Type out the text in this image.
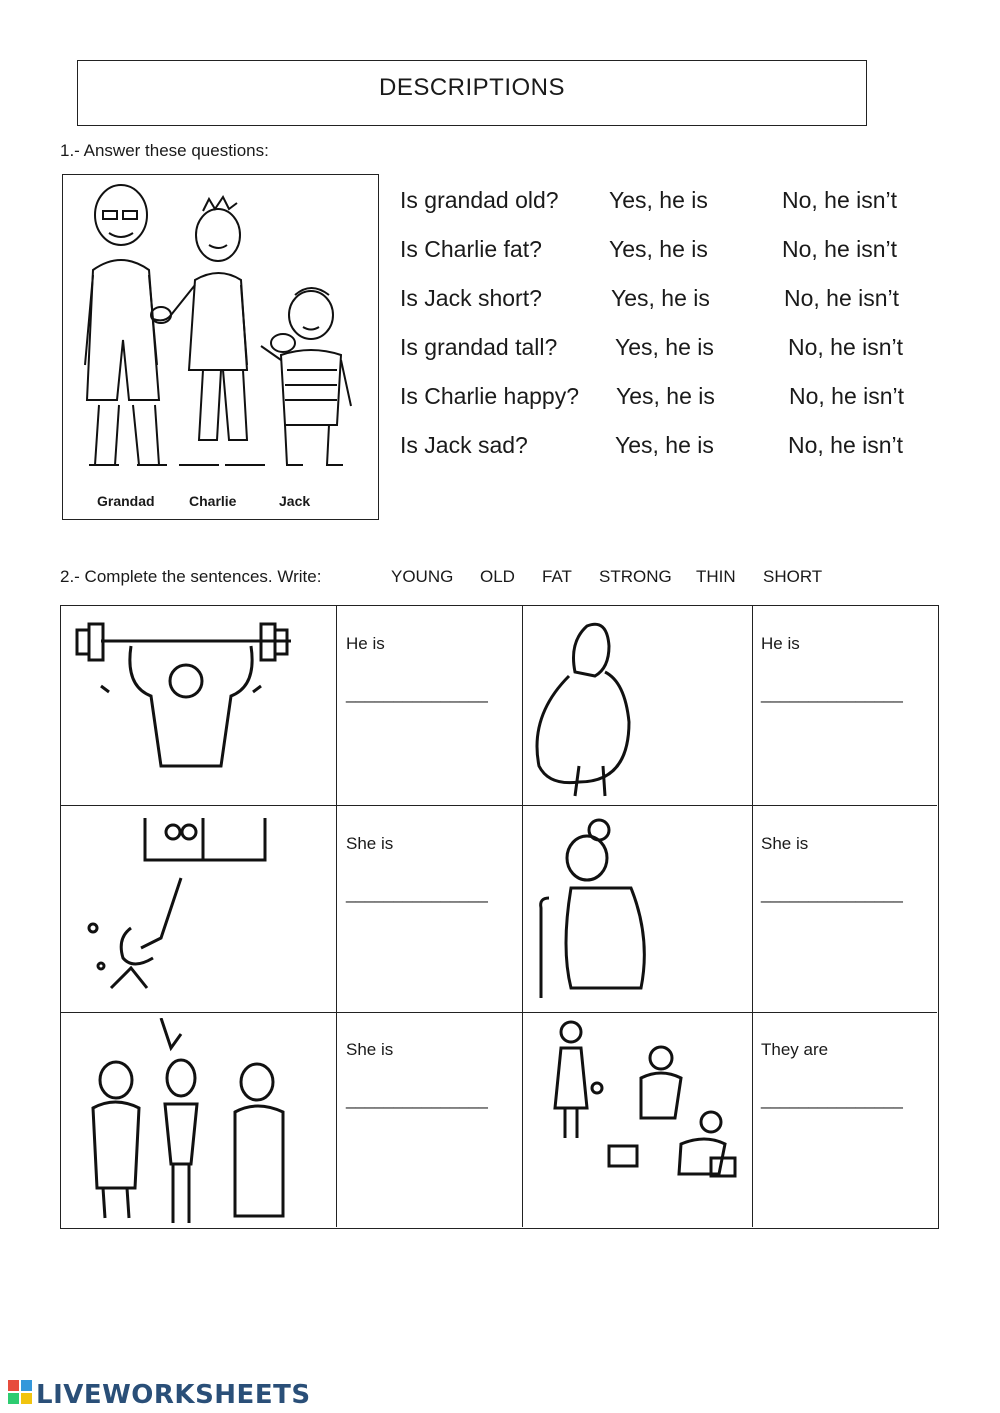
DESCRIPTIONS
1.- Answer these questions:
Grandad Charlie	Jack
Is grandad old? Yes, he is	No, he isn’t
Is Charlie fat?	Yes, he is	No, he isn’t
Is Jack short?	Yes, he is	No, he isn’t
Is grandad tall?	Yes, he is	No, he isn’t
Is Charlie happy? Yes, he is	No, he isn’t
Is Jack sad?	Yes, he is	No, he isn’t
2.- Complete the sentences. Write:	YOUNG OLD FAT STRONG THIN SHORT
He is
_______________
He is
_______________
She is
_______________
She is
_______________
She is
_______________
They are
_______________
LIVEWORKSHEETS
